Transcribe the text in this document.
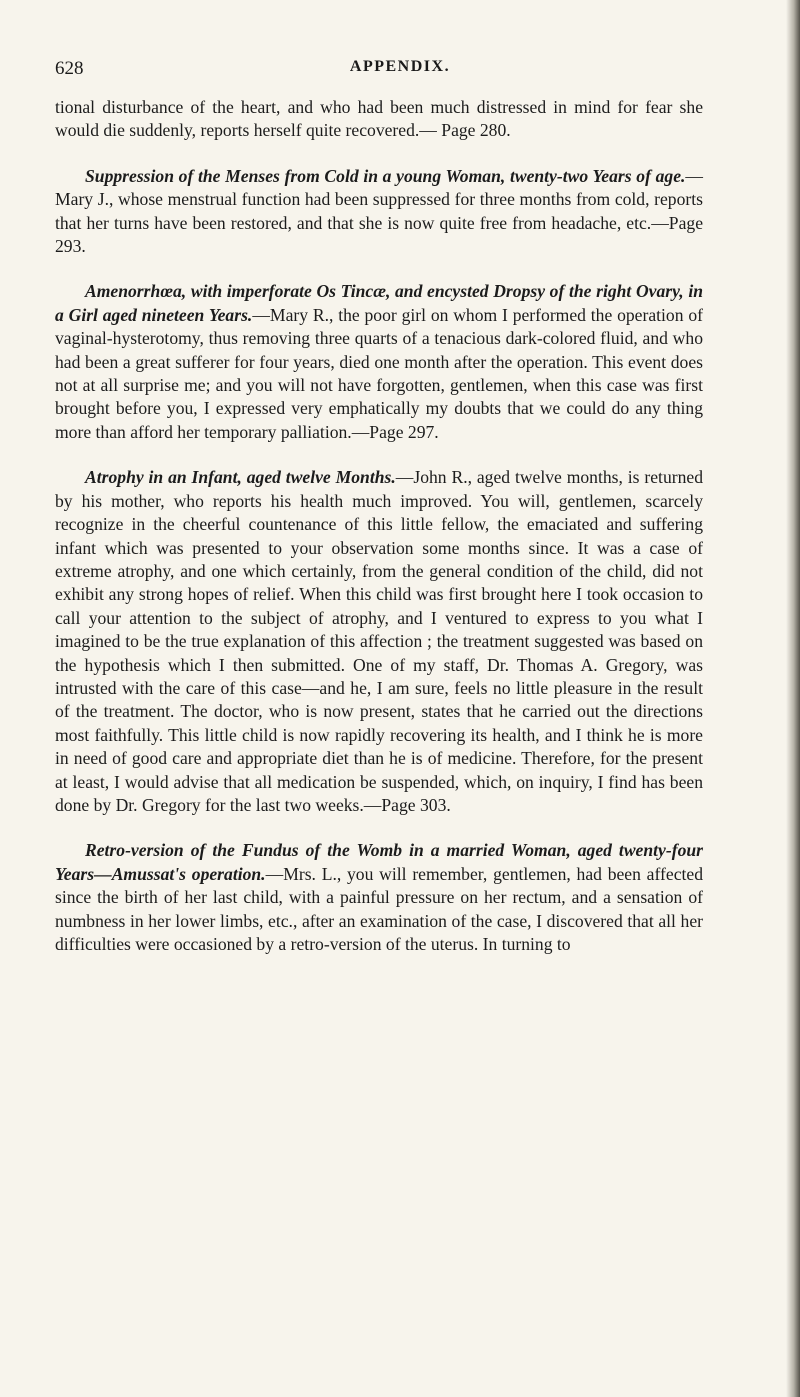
628	APPENDIX.

tional disturbance of the heart, and who had been much distressed in mind for fear she would die suddenly, reports herself quite recovered.— Page 280.

Suppression of the Menses from Cold in a young Woman, twenty-two Years of age.—Mary J., whose menstrual function had been suppressed for three months from cold, reports that her turns have been restored, and that she is now quite free from headache, etc.—Page 293.

Amenorrhœa, with imperforate Os Tincæ, and encysted Dropsy of the right Ovary, in a Girl aged nineteen Years.—Mary R., the poor girl on whom I performed the operation of vaginal-hysterotomy, thus removing three quarts of a tenacious dark-colored fluid, and who had been a great sufferer for four years, died one month after the operation. This event does not at all surprise me; and you will not have forgotten, gentlemen, when this case was first brought before you, I expressed very emphatically my doubts that we could do any thing more than afford her temporary palliation.—Page 297.

Atrophy in an Infant, aged twelve Months.—John R., aged twelve months, is returned by his mother, who reports his health much improved. You will, gentlemen, scarcely recognize in the cheerful countenance of this little fellow, the emaciated and suffering infant which was presented to your observation some months since. It was a case of extreme atrophy, and one which certainly, from the general condition of the child, did not exhibit any strong hopes of relief. When this child was first brought here I took occasion to call your attention to the subject of atrophy, and I ventured to express to you what I imagined to be the true explanation of this affection ; the treatment suggested was based on the hypothesis which I then submitted. One of my staff, Dr. Thomas A. Gregory, was intrusted with the care of this case—and he, I am sure, feels no little pleasure in the result of the treatment. The doctor, who is now present, states that he carried out the directions most faithfully. This little child is now rapidly recovering its health, and I think he is more in need of good care and appropriate diet than he is of medicine. Therefore, for the present at least, I would advise that all medication be suspended, which, on inquiry, I find has been done by Dr. Gregory for the last two weeks.—Page 303.

Retro-version of the Fundus of the Womb in a married Woman, aged twenty-four Years—Amussat's operation.—Mrs. L., you will remember, gentlemen, had been affected since the birth of her last child, with a painful pressure on her rectum, and a sensation of numbness in her lower limbs, etc., after an examination of the case, I discovered that all her difficulties were occasioned by a retro-version of the uterus. In turning to
